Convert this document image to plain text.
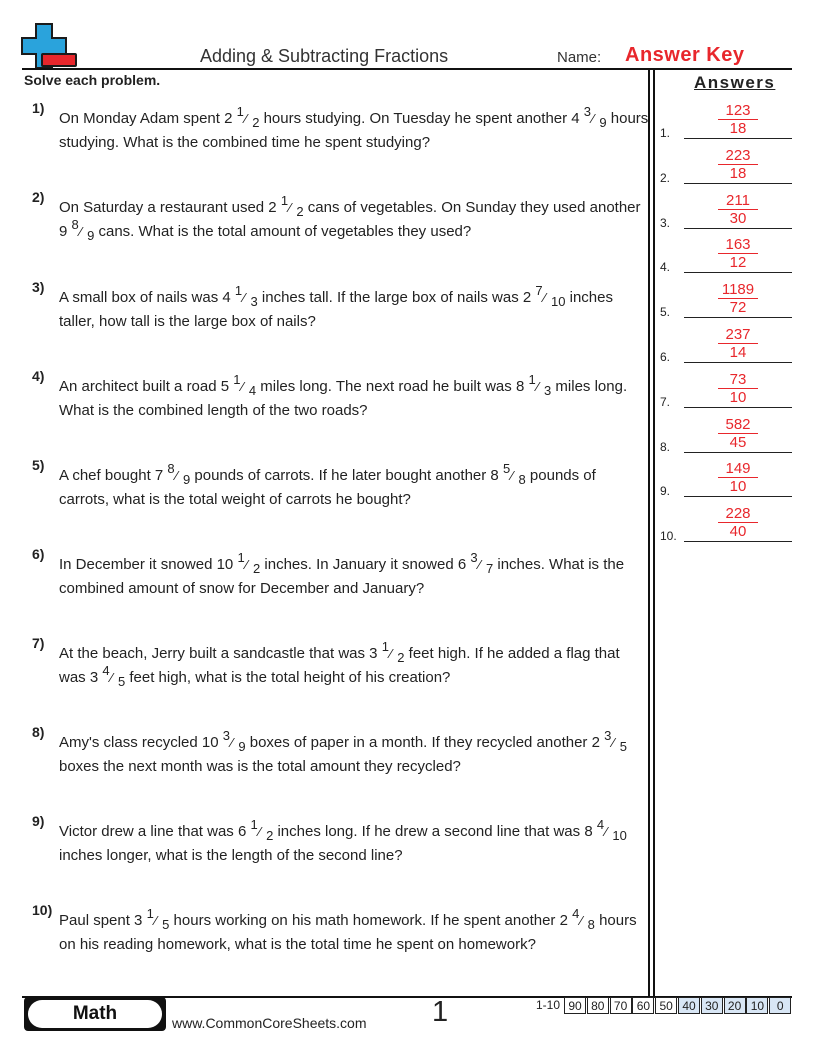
Adding & Subtracting Fractions	Name: Answer Key
Solve each problem.
1)
On Monday Adam spent 2 $^1$⁄ $_2$ hours studying. On Tuesday he spent another 4 $^3$⁄ $_9$ hours studying. What is the combined time he spent studying?
2)
On Saturday a restaurant used 2 $^1$⁄ $_2$ cans of vegetables. On Sunday they used another 9 $^8$⁄ $_9$ cans. What is the total amount of vegetables they used?
3)
A small box of nails was 4 $^1$⁄ $_3$ inches tall. If the large box of nails was 2 $^7$⁄ $_{10}$ inches taller, how tall is the large box of nails?
4)
An architect built a road 5 $^1$⁄ $_4$ miles long. The next road he built was 8 $^1$⁄ $_3$ miles long. What is the combined length of the two roads?
5)
A chef bought 7 $^8$⁄ $_9$ pounds of carrots. If he later bought another 8 $^5$⁄ $_8$ pounds of carrots, what is the total weight of carrots he bought?
6)
In December it snowed 10 $^1$⁄ $_2$ inches. In January it snowed 6 $^3$⁄ $_7$ inches. What is the combined amount of snow for December and January?
7)
At the beach, Jerry built a sandcastle that was 3 $^1$⁄ $_2$ feet high. If he added a flag that was 3 $^4$⁄ $_5$ feet high, what is the total height of his creation?
8)
Amy's class recycled 10 $^3$⁄ $_9$ boxes of paper in a month. If they recycled another 2 $^3$⁄ $_5$ boxes the next month was is the total amount they recycled?
9)
Victor drew a line that was 6 $^1$⁄ $_2$ inches long. If he drew a second line that was 8 $^4$⁄ $_{10}$ inches longer, what is the length of the second line?
10)
Paul spent 3 $^1$⁄ $_5$ hours working on his math homework. If he spent another 2 $^4$⁄ $_8$ hours on his reading homework, what is the total time he spent on homework?
Answers
1.	$\frac{123}{18}$
2.	$\frac{223}{18}$
3.	$\frac{211}{30}$
4.	$\frac{163}{12}$
5.	$\frac{1189}{72}$
6.	$\frac{237}{14}$
7.	$\frac{73}{10}$
8.	$\frac{582}{45}$
9.	$\frac{149}{10}$
10.	$\frac{228}{40}$
Math	www.CommonCoreSheets.com 1	1-10 90 80 70 60 50 40 30 20 10	0
